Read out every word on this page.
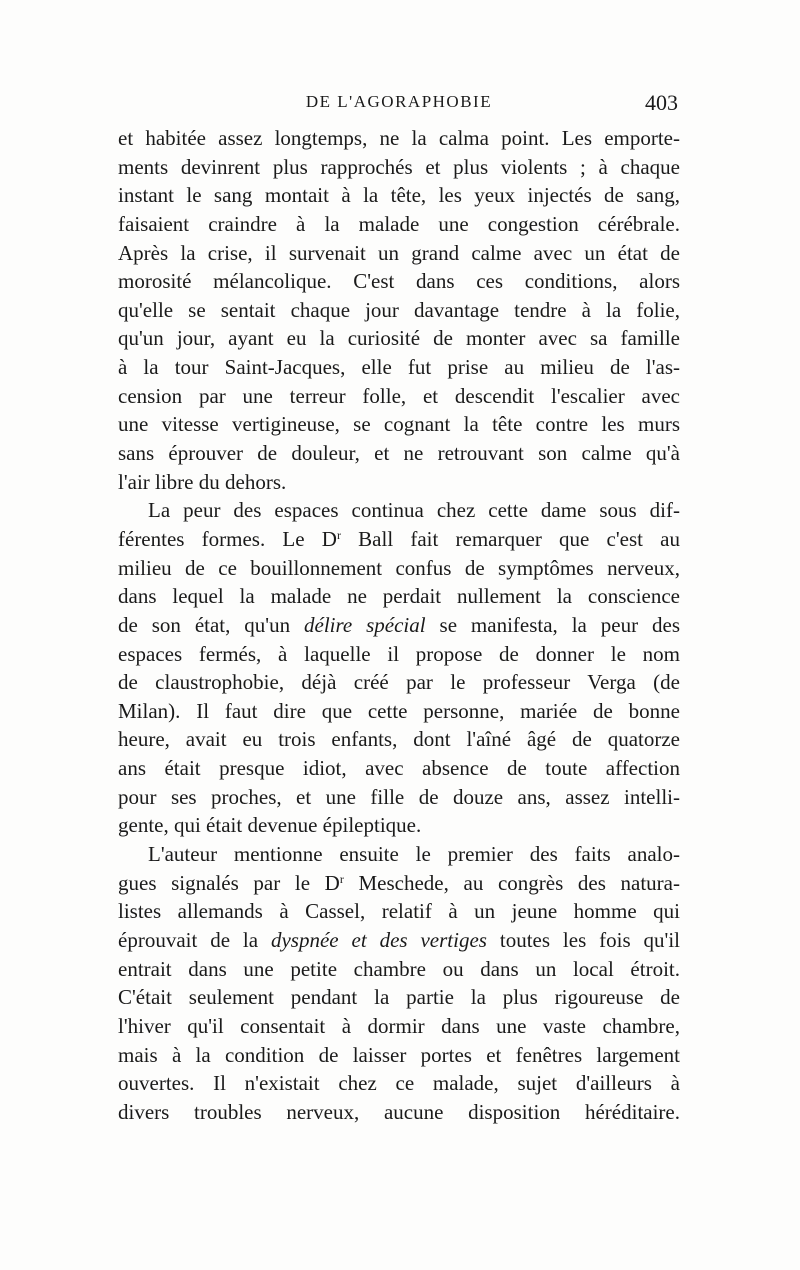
DE L'AGORAPHOBIE	403
et habitée assez longtemps, ne la calma point. Les emporte-
ments devinrent plus rapprochés et plus violents ; à chaque
instant le sang montait à la tête, les yeux injectés de sang,
faisaient craindre à la malade une congestion cérébrale.
Après la crise, il survenait un grand calme avec un état de
morosité mélancolique. C'est dans ces conditions, alors
qu'elle se sentait chaque jour davantage tendre à la folie,
qu'un jour, ayant eu la curiosité de monter avec sa famille
à la tour Saint-Jacques, elle fut prise au milieu de l'as-
cension par une terreur folle, et descendit l'escalier avec
une vitesse vertigineuse, se cognant la tête contre les murs
sans éprouver de douleur, et ne retrouvant son calme qu'à
l'air libre du dehors.
La peur des espaces continua chez cette dame sous dif-
férentes formes. Le $D^r$ Ball fait remarquer que c'est au
milieu de ce bouillonnement confus de symptômes nerveux,
dans lequel la malade ne perdait nullement la conscience
de son état, qu'un délire spécial se manifesta, la peur des
espaces fermés, à laquelle il propose de donner le nom
de claustrophobie, déjà créé par le professeur Verga (de
Milan). Il faut dire que cette personne, mariée de bonne
heure, avait eu trois enfants, dont l'aîné âgé de quatorze
ans était presque idiot, avec absence de toute affection
pour ses proches, et une fille de douze ans, assez intelli-
gente, qui était devenue épileptique.
L'auteur mentionne ensuite le premier des faits analo-
gues signalés par le $D^r$ Meschede, au congrès des natura-
listes allemands à Cassel, relatif à un jeune homme qui
éprouvait de la dyspnée et des vertiges toutes les fois qu'il
entrait dans une petite chambre ou dans un local étroit.
C'était seulement pendant la partie la plus rigoureuse de
l'hiver qu'il consentait à dormir dans une vaste chambre,
mais à la condition de laisser portes et fenêtres largement
ouvertes. Il n'existait chez ce malade, sujet d'ailleurs à
divers troubles nerveux, aucune disposition héréditaire.
